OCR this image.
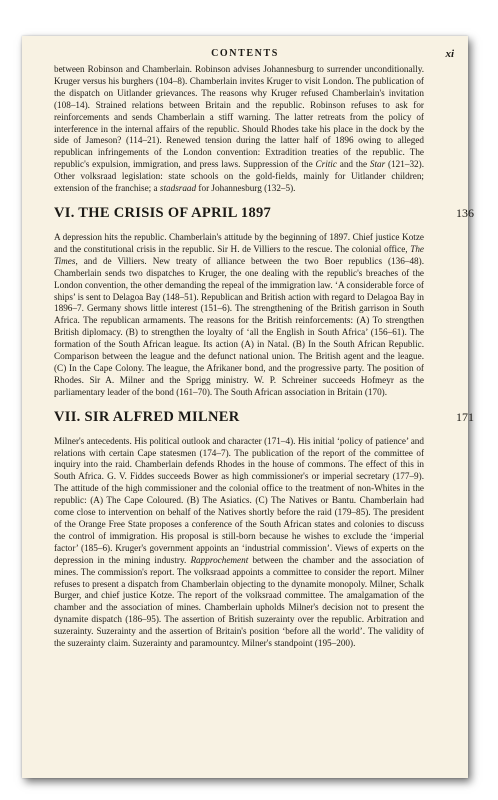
CONTENTS	xi

between Robinson and Chamberlain. Robinson advises Johannesburg to surrender unconditionally. Kruger versus his burghers (104–8). Chamberlain invites Kruger to visit London. The publication of the dispatch on Uitlander grievances. The reasons why Kruger refused Chamberlain's invitation (108–14). Strained relations between Britain and the republic. Robinson refuses to ask for reinforcements and sends Chamberlain a stiff warning. The latter retreats from the policy of interference in the internal affairs of the republic. Should Rhodes take his place in the dock by the side of Jameson? (114–21). Renewed tension during the latter half of 1896 owing to alleged republican infringements of the London convention: Extradition treaties of the republic. The republic's expulsion, immigration, and press laws. Suppression of the Critic and the Star (121–32). Other volksraad legislation: state schools on the gold-fields, mainly for Uitlander children; extension of the franchise; a stadsraad for Johannesburg (132–5).

VI. THE CRISIS OF APRIL 1897	136

A depression hits the republic. Chamberlain's attitude by the beginning of 1897. Chief justice Kotze and the constitutional crisis in the republic. Sir H. de Villiers to the rescue. The colonial office, The Times, and de Villiers. New treaty of alliance between the two Boer republics (136–48). Chamberlain sends two dispatches to Kruger, the one dealing with the republic's breaches of the London convention, the other demanding the repeal of the immigration law. ‘A considerable force of ships’ is sent to Delagoa Bay (148–51). Republican and British action with regard to Delagoa Bay in 1896–7. Germany shows little interest (151–6). The strengthening of the British garrison in South Africa. The republican armaments. The reasons for the British reinforcements: (A) To strengthen British diplomacy. (B) to strengthen the loyalty of ‘all the English in South Africa’ (156–61). The formation of the South African league. Its action (A) in Natal. (B) In the South African Republic. Comparison between the league and the defunct national union. The British agent and the league. (C) In the Cape Colony. The league, the Afrikaner bond, and the progressive party. The position of Rhodes. Sir A. Milner and the Sprigg ministry. W. P. Schreiner succeeds Hofmeyr as the parliamentary leader of the bond (161–70). The South African association in Britain (170).

VII. SIR ALFRED MILNER	171

Milner's antecedents. His political outlook and character (171–4). His initial ‘policy of patience’ and relations with certain Cape statesmen (174–7). The publication of the report of the committee of inquiry into the raid. Chamberlain defends Rhodes in the house of commons. The effect of this in South Africa. G. V. Fiddes succeeds Bower as high commissioner's or imperial secretary (177–9). The attitude of the high commissioner and the colonial office to the treatment of non-Whites in the republic: (A) The Cape Coloured. (B) The Asiatics. (C) The Natives or Bantu. Chamberlain had come close to intervention on behalf of the Natives shortly before the raid (179–85). The president of the Orange Free State proposes a conference of the South African states and colonies to discuss the control of immigration. His proposal is still-born because he wishes to exclude the ‘imperial factor’ (185–6). Kruger's government appoints an ‘industrial commission’. Views of experts on the depression in the mining industry. Rapprochement between the chamber and the association of mines. The commission's report. The volksraad appoints a committee to consider the report. Milner refuses to present a dispatch from Chamberlain objecting to the dynamite monopoly. Milner, Schalk Burger, and chief justice Kotze. The report of the volksraad committee. The amalgamation of the chamber and the association of mines. Chamberlain upholds Milner's decision not to present the dynamite dispatch (186–95). The assertion of British suzerainty over the republic. Arbitration and suzerainty. Suzerainty and the assertion of Britain's position ‘before all the world’. The validity of the suzerainty claim. Suzerainty and paramountcy. Milner's standpoint (195–200).
